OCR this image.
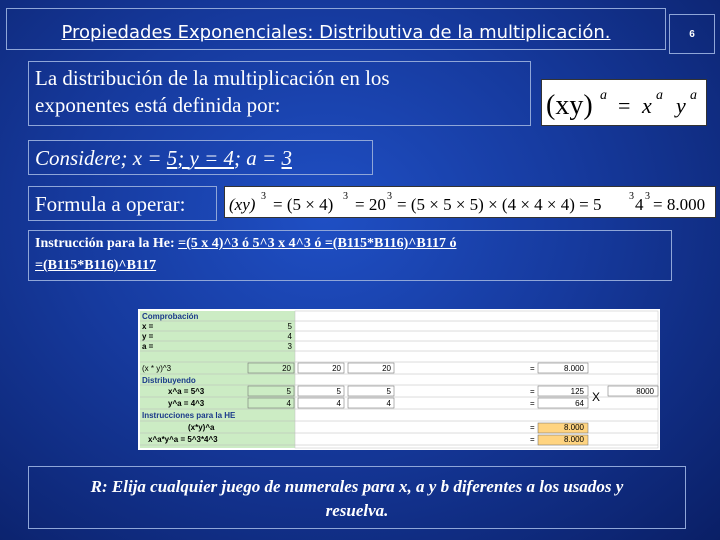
Propiedades Exponenciales: Distributiva de la multiplicación.	6
La distribución de la multiplicación en los
exponentes está definida por:	(xy) a = x a y a
Considere; x = 5; y = 4; a = 3
Formula a operar:	(xy) 3 = (5 × 4) 3 = 20 3 = (5 × 5 × 5) × (4 × 4 × 4) = 5	3 4 3 = 8.000
Instrucción para la He: =(5 x 4)^3 ó 5^3 x 4^3 ó =(B115*B116)^B117 ó
=(B115*B116)^B117
Comprobación
x =	5
y =	4
a =	3
(x * y)^3	20	20	20	=	8.000
Distribuyendo
x^a = 5^3	5	5	5	=	125 X	8000
y^a = 4^3	4	4	4	=	64
Instrucciones para la HE
(x*y)^a	=	8.000
x^a*y^a = 5^3*4^3	=	8.000
R: Elija cualquier juego de numerales para x, a y b diferentes a los usados y
resuelva.
